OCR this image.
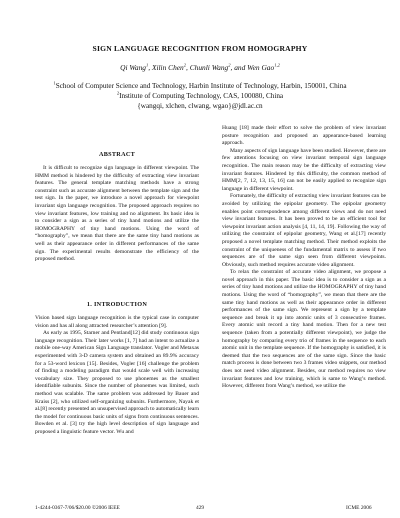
SIGN LANGUAGE RECOGNITION FROM HOMOGRAPHY
Qi Wang$^1$, Xilin Chen$^2$, Chunli Wang$^2$, and Wen Gao$^{1,2}$
$^1$School of Computer Science and Technology, Harbin Institute of Technology, Harbin, 150001, China
$^2$Institute of Computing Technology, CAS, 100080, China
{wangqi, xlchen, clwang, wgao}@jdl.ac.cn
ABSTRACT

It is difficult to recognize sign language in different viewpoint. The HMM method is hindered by the difficulty of extracting view invariant features. The general template matching methods have a strong constraint such as accurate alignment between the template sign and the test sign. In the paper, we introduce a novel approach for viewpoint invariant sign language recognition. The proposed approach requires no view invariant features, low training and no alignment. Its basic idea is to consider a sign as a series of tiny hand motions and utilize the HOMOGRAPHY of tiny hand motions. Using the word of “homography”, we mean that there are the same tiny hand motions as well as their appearance order in different performances of the same sign. The experimental results demonstrate the efficiency of the proposed method.

1. INTRODUCTION

Vision based sign language recognition is the typical case in computer vision and has all along attracted researcher’s attention [9].

As early as 1995, Starner and Pentland[12] did study continuous sign language recognition. Their later works [1, 7] had an intent to actualize a mobile one-way American Sign Language translator. Vogler and Metaxas experimented with 3-D camera system and obtained an 89.9% accuracy for a 53-word lexicon [15]. Besides, Vogler [16] challenge the problem of finding a modeling paradigm that would scale well with increasing vocabulary size. They proposed to use phonemes as the smallest identifiable subunits. Since the number of phonemes was limited, such method was scalable. The same problem was addressed by Bauer and Kraiss [2], who utilized self-organizing subunits. Furthermore, Nayak et al.[8] recently presented an unsupervised approach to automatically learn the model for continuous basic units of signs from continuous sentences. Bowden et al. [3] try the high level description of sign language and proposed a linguistic feature vector. Wu and

Huang [18] made their effort to solve the problem of view invariant posture recognition and proposed an appearance-based learning approach.

Many aspects of sign language have been studied. However, there are few attentions focusing on view invariant temporal sign language recognition. The main reason may be the difficulty of extracting view invariant features. Hindered by this difficulty, the common method of HMM[2, 7, 12, 13, 15, 16] can not be easily applied to recognize sign language in different viewpoint.

Fortunately, the difficulty of extracting view invariant features can be avoided by utilizing the epipolar geometry. The epipolar geometry enables point correspondence among different views and do not need view invariant features. It has been proved to be an efficient tool for viewpoint invariant action analysis [4, 11, 14, 19]. Following the way of utilizing the constraint of epipolar geometry, Wang et al.[17] recently proposed a novel template matching method. Their method exploits the constraint of the uniqueness of the fundamental matrix to assess if two sequences are of the same sign seen from different viewpoints. Obviously, such method requires accurate video alignment.

To relax the constraint of accurate video alignment, we propose a novel approach in this paper. The basic idea is to consider a sign as a series of tiny hand motions and utilize the HOMOGRAPHY of tiny hand motions. Using the word of “homography”, we mean that there are the same tiny hand motions as well as their appearance order in different performances of the same sign. We represent a sign by a template sequence and break it up into atomic units of 3 consecutive frames. Every atomic unit record a tiny hand motion. Then for a new test sequence (taken from a potentially different viewpoint), we judge the homography by comparing every trio of frames in the sequence to each atomic unit in the template sequence. If the homography is satisfied, it is deemed that the two sequences are of the same sign. Since the basic match process is done between two 3 frames video snippets, our method does not need video alignment. Besides, our method requires no view invariant features and low training, which is same to Wang’s method. However, different from Wang’s method, we utilize the

1-4244-0367-7/06/$20.00 ©2006 IEEE	429	ICME 2006
